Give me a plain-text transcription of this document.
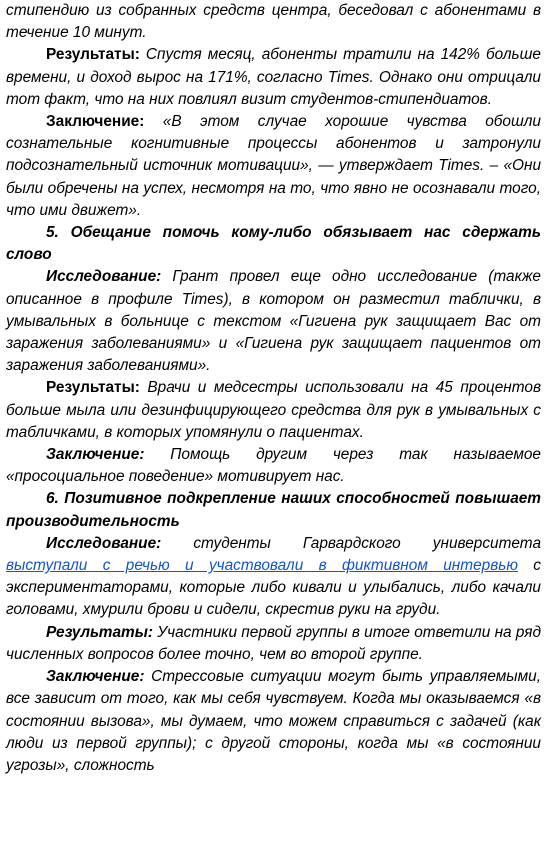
стипендию из собранных средств центра, беседовал с абонентами в течение 10 минут.

Результаты: Спустя месяц, абоненты тратили на 142% больше времени, и доход вырос на 171%, согласно Times. Однако они отрицали тот факт, что на них повлиял визит студентов-стипендиатов.

Заключение: «В этом случае хорошие чувства обошли сознательные когнитивные процессы абонентов и затронули подсознательный источник мотивации», — утверждает Times. – «Они были обречены на успех, несмотря на то, что явно не осознавали того, что ими движет».

5. Обещание помочь кому-либо обязывает нас сдержать слово

Исследование: Грант провел еще одно исследование (также описанное в профиле Times), в котором он разместил таблички, в умывальных в больнице с текстом «Гигиена рук защищает Вас от заражения заболеваниями» и «Гигиена рук защищает пациентов от заражения заболеваниями».

Результаты: Врачи и медсестры использовали на 45 процентов больше мыла или дезинфицирующего средства для рук в умывальных с табличками, в которых упомянули о пациентах.

Заключение: Помощь другим через так называемое «просоциальное поведение» мотивирует нас.

6. Позитивное подкрепление наших способностей повышает производительность

Исследование: студенты Гарвардского университета выступали с речью и участвовали в фиктивном интервью с экспериментаторами, которые либо кивали и улыбались, либо качали головами, хмурили брови и сидели, скрестив руки на груди.

Результаты: Участники первой группы в итоге ответили на ряд численных вопросов более точно, чем во второй группе.

Заключение: Стрессовые ситуации могут быть управляемыми, все зависит от того, как мы себя чувствуем. Когда мы оказываемся «в состоянии вызова», мы думаем, что можем справиться с задачей (как люди из первой группы); с другой стороны, когда мы «в состоянии угрозы», сложность
